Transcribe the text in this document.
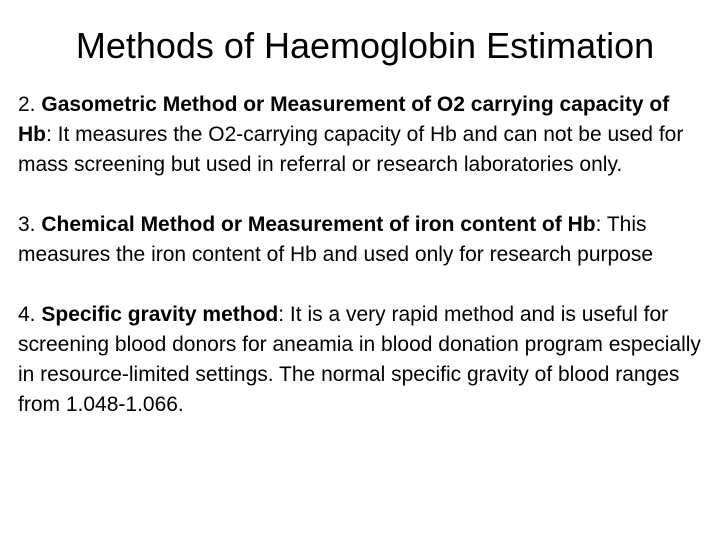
Methods of Haemoglobin Estimation

2. Gasometric Method or Measurement of O2 carrying capacity of Hb: It measures the O2-carrying capacity of Hb and can not be used for mass screening but used in referral or research laboratories only.

3. Chemical Method or Measurement of iron content of Hb: This measures the iron content of Hb and used only for research purpose

4. Specific gravity method: It is a very rapid method and is useful for screening blood donors for aneamia in blood donation program especially in resource-limited settings. The normal specific gravity of blood ranges from 1.048-1.066.
